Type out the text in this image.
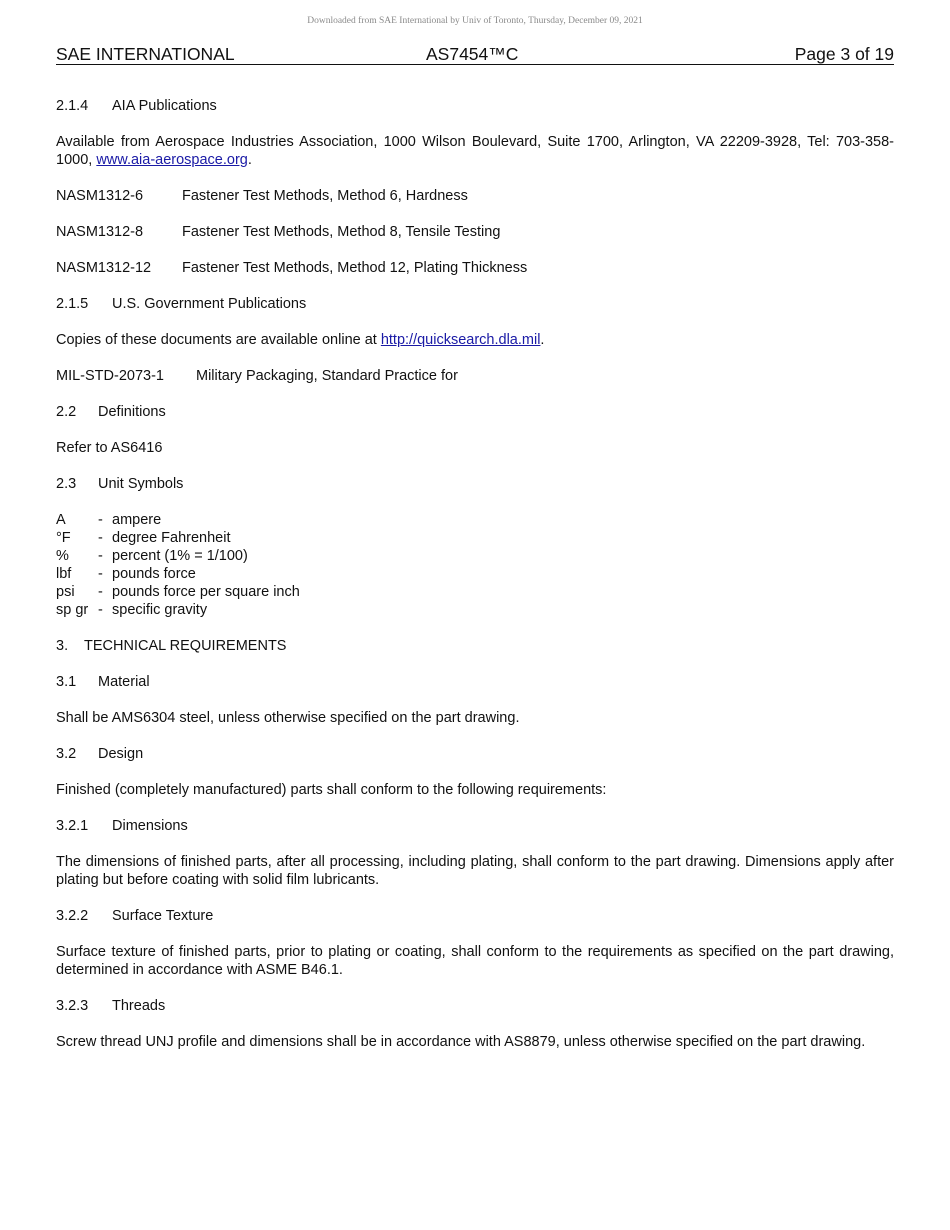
Downloaded from SAE International by Univ of Toronto, Thursday, December 09, 2021
SAE INTERNATIONAL	AS7454™C	Page 3 of 19

2.1.4 AIA Publications

Available from Aerospace Industries Association, 1000 Wilson Boulevard, Suite 1700, Arlington, VA 22209-3928, Tel: 703-358-1000, www.aia-aerospace.org.

NASM1312-6	Fastener Test Methods, Method 6, Hardness

NASM1312-8	Fastener Test Methods, Method 8, Tensile Testing

NASM1312-12 Fastener Test Methods, Method 12, Plating Thickness

2.1.5 U.S. Government Publications

Copies of these documents are available online at http://quicksearch.dla.mil.

MIL-STD-2073-1 Military Packaging, Standard Practice for

2.2 Definitions

Refer to AS6416

2.3 Unit Symbols

A	- ampere
°F	- degree Fahrenheit
%	- percent (1% = 1/100)
lbf	- pounds force
psi	- pounds force per square inch
sp gr - specific gravity

3. TECHNICAL REQUIREMENTS

3.1 Material

Shall be AMS6304 steel, unless otherwise specified on the part drawing.

3.2 Design

Finished (completely manufactured) parts shall conform to the following requirements:

3.2.1 Dimensions

The dimensions of finished parts, after all processing, including plating, shall conform to the part drawing. Dimensions apply after plating but before coating with solid film lubricants.

3.2.2 Surface Texture

Surface texture of finished parts, prior to plating or coating, shall conform to the requirements as specified on the part drawing, determined in accordance with ASME B46.1.

3.2.3 Threads

Screw thread UNJ profile and dimensions shall be in accordance with AS8879, unless otherwise specified on the part drawing.
